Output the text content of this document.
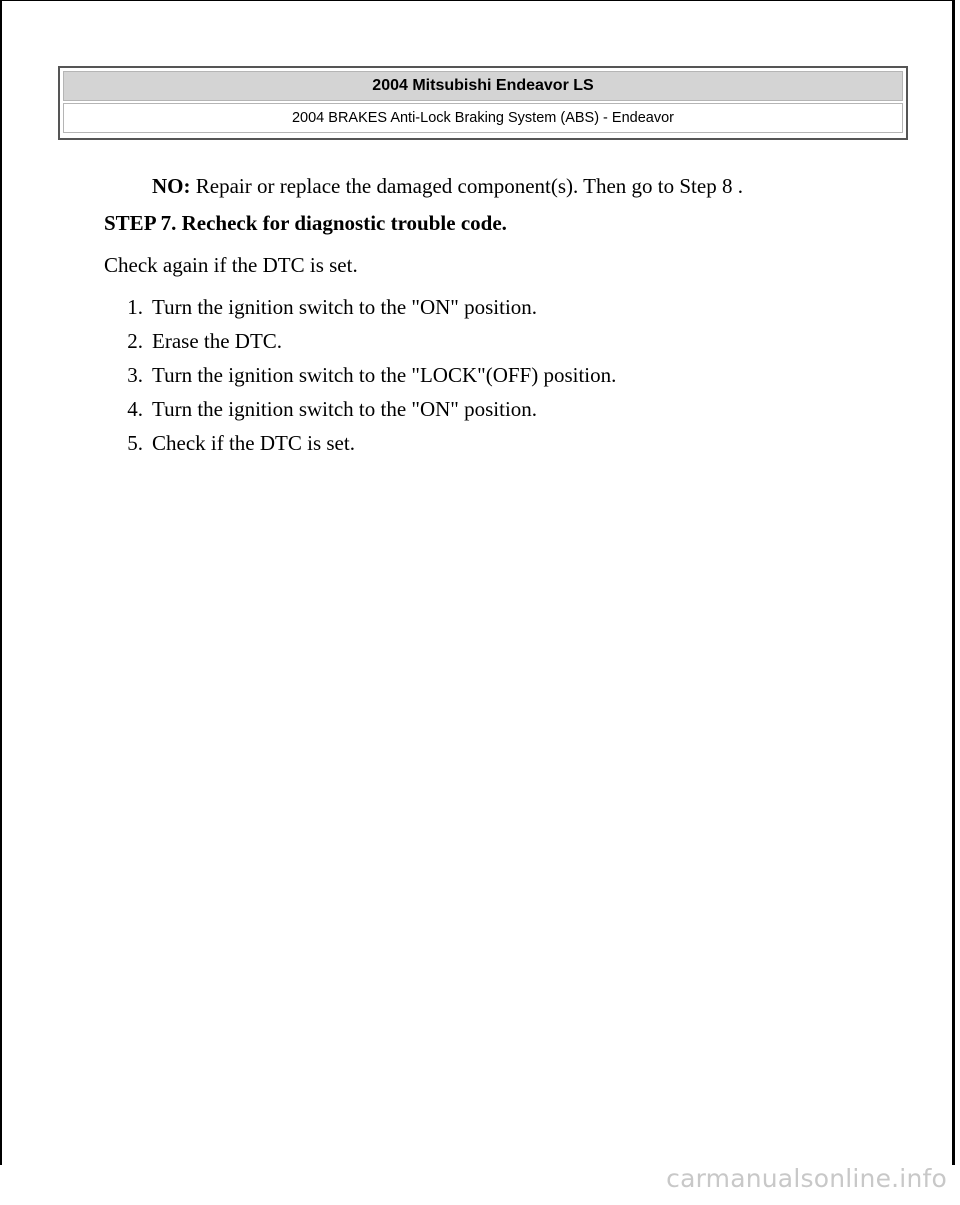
2004 Mitsubishi Endeavor LS
2004 BRAKES Anti-Lock Braking System (ABS) - Endeavor

NO: Repair or replace the damaged component(s). Then go to Step 8 .

STEP 7. Recheck for diagnostic trouble code.

Check again if the DTC is set.

1. Turn the ignition switch to the "ON" position.
2. Erase the DTC.
3. Turn the ignition switch to the "LOCK"(OFF) position.
4. Turn the ignition switch to the "ON" position.
5. Check if the DTC is set.
carmanualsonline.info
